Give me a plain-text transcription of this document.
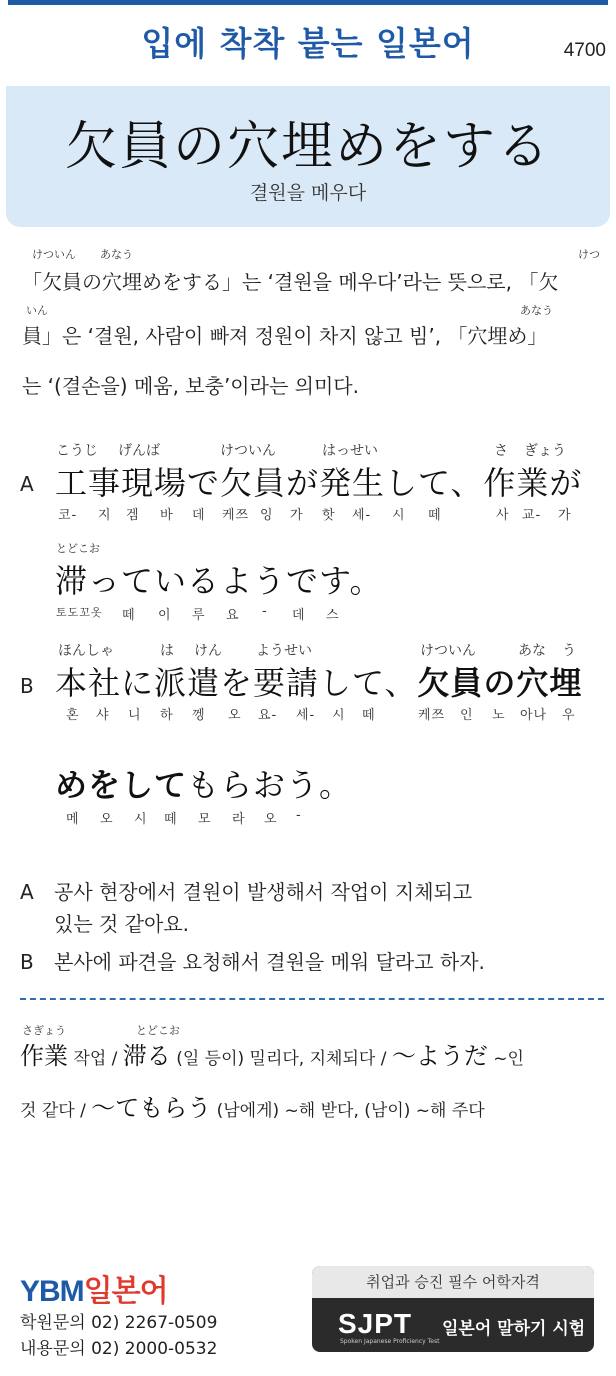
입에 착착 붙는 일본어	4700
欠員の穴埋めをする
결원을 메우다
けついん あなう	けつ
「欠員の穴埋めをする」는 ‘결원을 메우다’라는 뜻으로, 「欠
いん	あなう
員」은 ‘결원, 사람이 빠져 정원이 차지 않고 빔’, 「穴埋め」
는 ‘(결손을) 메움, 보충’이라는 의미다.
こうじ げんば	けついん	はっせい	さ ぎょう
A 工事現場で欠員が発生して、作業が
코- 지 겜 바 데 케쯔 잉 가 핫 세- 시 떼	사 교- 가
とどこお
滞っているようです。
토도꼬옷 떼 이 루 요 - 데 스
ほんしゃ	は けん ようせい	けついん	あな う
B 本社に派遣を要請して、欠員の穴埋
혼 샤 니 하 껭 오 요- 세- 시 떼	케쯔 인 노 아나 우
めをしてもらおう。
메 오 시 떼 모 라 오 -
A 공사 현장에서 결원이 발생해서 작업이 지체되고
있는 것 같아요.
B 본사에 파견을 요청해서 결원을 메워 달라고 하자.
さぎょう	とどこお
作業 작업 / 滞る (일 등이) 밀리다, 지체되다 / 〜ようだ ~인
것 같다 / 〜てもらう (남에게) ~해 받다, (남이) ~해 주다
YBM일본어
학원문의 02) 2267-0509
내용문의 02) 2000-0532
취업과 승진 필수 어학자격
SJPT
Spoken Japanese Proficiency Test
일본어 말하기 시험
